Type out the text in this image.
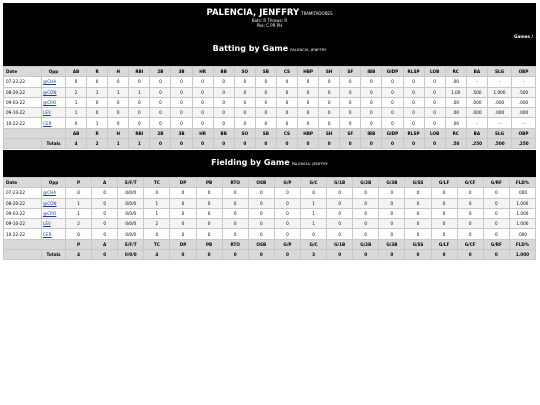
PALENCIA, JENFFRY TRAMITADORES
Bats: R Throws: R
Pos: C PR PH
Games /
Batting by Game PALENCIA, JENFFRY
Leaders / Batting / Pitching / Fielding / TRAMITADORES / TORNEO NEURO POLANCO
Date	Opp	AB	R	H	RBI	2B	3B	HR	BB	SO	SB	CS	HBP	SH	SF	IBB	GIDP	RLSP	LOB	RC	BA	SLG	OBP
07-23-22	@CHA	0	0	0	0	0	0	0	0	0	0	0	0	0	0	0	0	0	0	.00	-	-	-
08-20-22	@CON	2	1	1	1	0	0	0	0	0	0	0	0	0	0	0	0	0	0	1.00	.500	1.000	.500
09-03-22	@CRO	1	0	0	0	0	0	0	0	0	0	0	0	0	0	0	0	0	0	.00	.000	.000	.000
09-10-22	LEV	1	0	0	0	0	0	0	0	0	0	0	0	0	0	0	0	0	0	.00	.000	.000	.000
10-22-22	CER	0	1	0	0	0	0	0	0	0	0	0	0	0	0	0	0	0	0	.00	-	-	-
		AB	R	H	RBI	2B	3B	HR	BB	SO	SB	CS	HBP	SH	SF	IBB	GIDP	RLSP	LOB	RC	BA	SLG	OBP
	Totals	4	2	1	1	0	0	0	0	0	0	0	0	0	0	0	0	0	0	.50	.250	.500	.250
Fielding by Game PALENCIA, JENFFRY
Leaders / Batting / Pitching / Fielding / TRAMITADORES / TORNEO NEURO POLANCO
Date	Opp	P	A	E/F/T	TC	DP	PB	RTO	OSB	G/P	G/C	G/1B	G/2B	G/3B	G/SS	G/LF	G/CF	G/RF	FLD%
07-23-22	@CHA	0	0	0/0/0	0	0	0	0	0	0	0	0	0	0	0	0	0	0	.000
08-20-22	@CON	1	0	0/0/0	1	0	0	0	0	0	1	0	0	0	0	0	0	0	1.000
09-03-22	@CRO	1	0	0/0/0	1	0	0	0	0	0	1	0	0	0	0	0	0	0	1.000
09-10-22	LEV	2	0	0/0/0	2	0	0	0	0	0	1	0	0	0	0	0	0	0	1.000
10-22-22	CER	0	0	0/0/0	0	0	0	0	0	0	0	0	0	0	0	0	0	0	.000
		P	A	E/F/T	TC	DP	PB	RTO	OSB	G/P	G/C	G/1B	G/2B	G/3B	G/SS	G/LF	G/CF	G/RF	FLD%
	Totals	4	0	0/0/0	4	0	0	0	0	0	3	0	0	0	0	0	0	0	1.000
